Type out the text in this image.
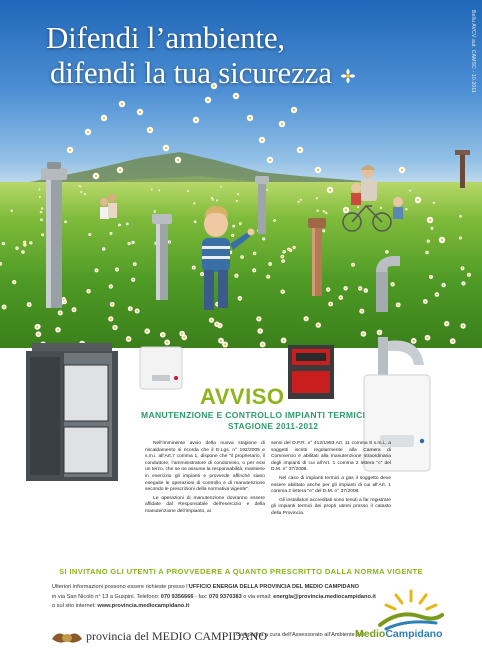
Difendi l’ambiente,
difendi la tua sicurezza	Bellu AVCV aut. CAMSC - 10.2011
AVVISO
MANUTENZIONE E CONTROLLO IMPIANTI TERMICI
STAGIONE 2011-2012

Nell’imminente avvio della nuova stagione di riscaldamento si ricorda che il D.Lgs. n° 192/2005 e s.m.i. all’Art.7 comma 1, dispone che "il proprietario, il conduttore, l’amministratore di condominio, o per essi un terzo, che se ne assume la responsabilità, mantiene in esercizio gli impianti e provvede affinché siano eseguite le operazioni di controllo e di manutenzione secondo le prescrizioni della normativa vigente".

Le operazioni di manutenzione dovranno essere affidate dal Responsabile dell’esercizio e della manutenzione dell’impianto, ai

sensi del D.P.R. n° 412/1993 Art. 11 comma 8 s.m.i., a soggetti iscritti regolarmente alla Camera di Commercio e abilitati alla manutenzione straordinaria degli impianti di cui all’Art. 1 comma 2 lettera "c" del D.M. n° 37/2008.

Nel caso di impianti termici a gas il soggetto deve essere abilitato anche per gli impianti di cui all’Art. 1 comma 2 lettera "e" del D.M. n° 37/2008.

Gli installatori accreditati sono tenuti a far registrare gli impianti termici dei propri utenti presso il catasto della Provincia.

SI INVITANO GLI UTENTI A PROVVEDERE A QUANTO PRESCRITTO DALLA NORMA VIGENTE
Ulteriori informazioni possono essere richieste presso l’UFFICIO ENERGIA DELLA PROVINCIA DEL MEDIO CAMPIDANO
in via San Nicolò n° 13 a Guspini. Telefono: 070 9356666 - fax: 070 9370383 o via email: energia@provincia.mediocampidano.it
o sul sito internet: www.provincia.mediocampidano.it
provincia del MEDIO CAMPIDANO
Campagna a cura dell’Assessorato all’Ambiente del
MedioCampidano
